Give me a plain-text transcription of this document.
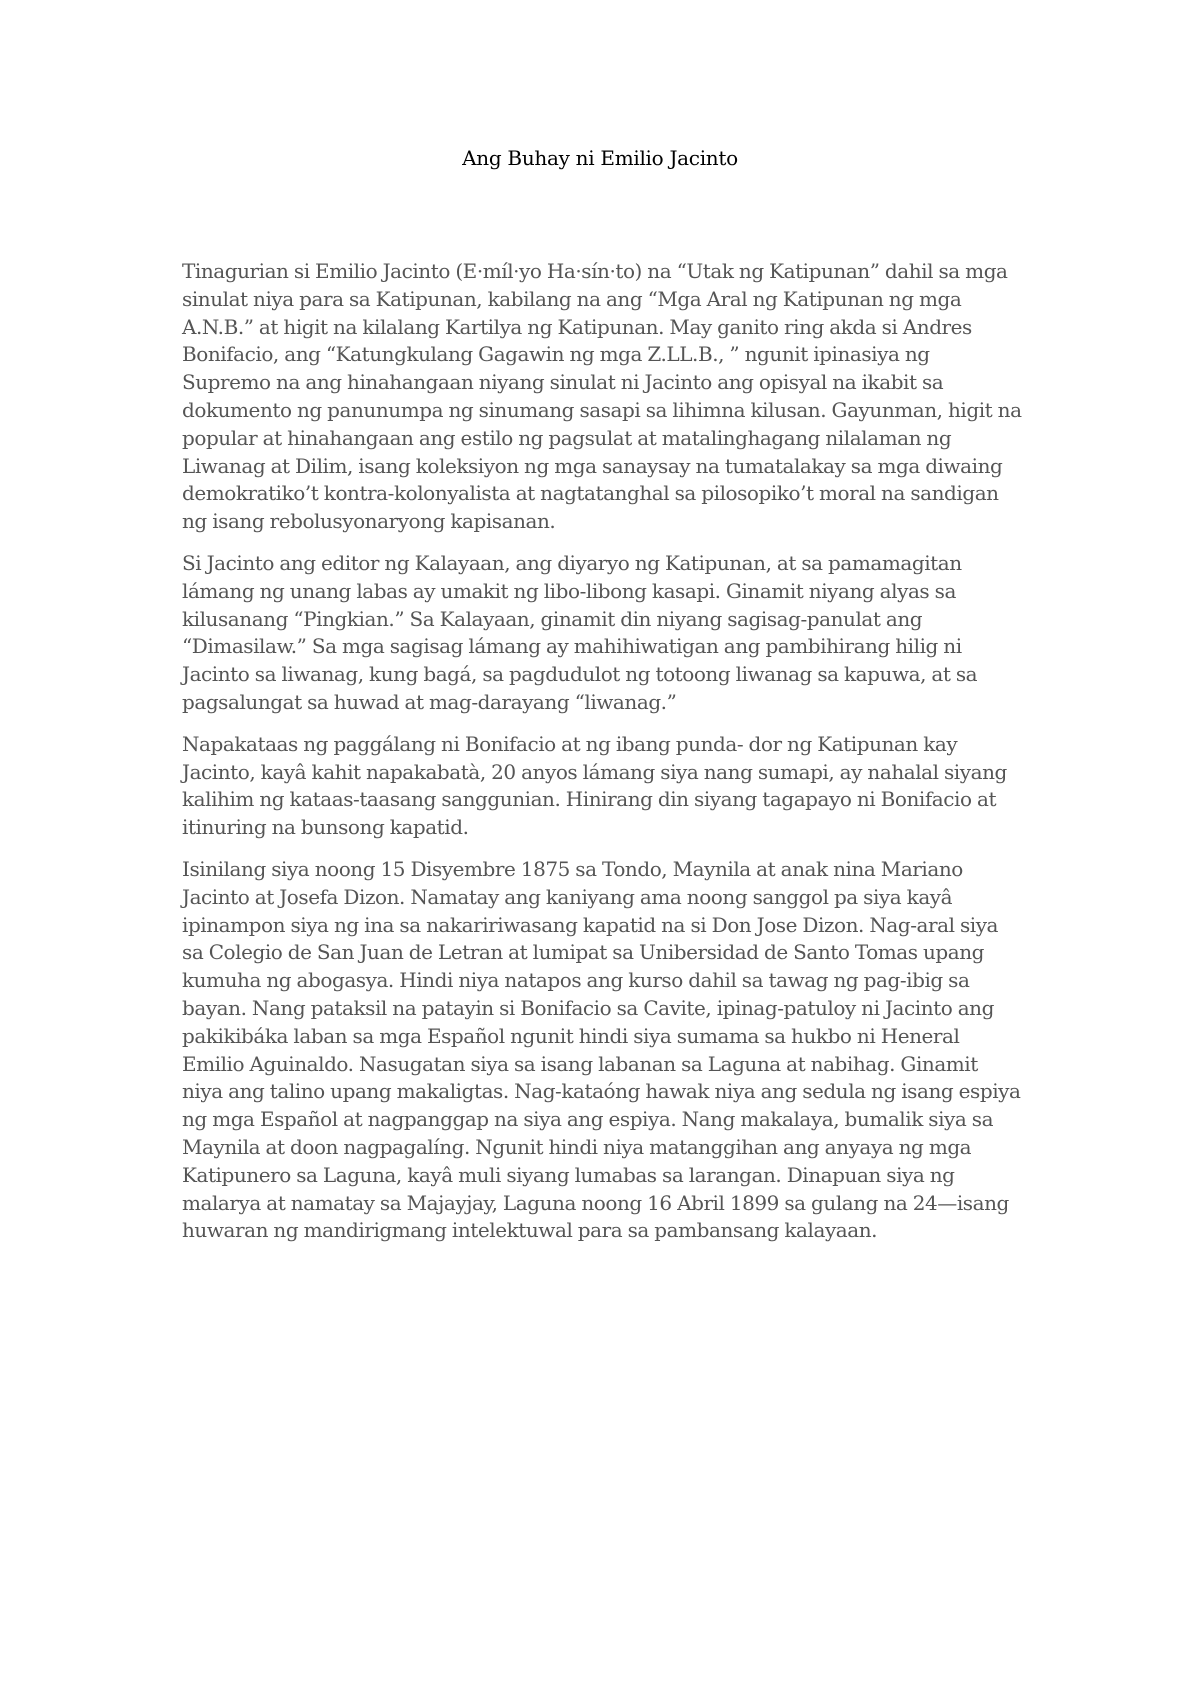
Ang Buhay ni Emilio Jacinto

Tinagurian si Emilio Jacinto (E·míl·yo Ha·sín·to) na “Utak ng Katipunan” dahil sa mga sinulat niya para sa Katipunan, kabilang na ang “Mga Aral ng Katipunan ng mga A.N.B.” at higit na kilalang Kartilya ng Katipunan. May ganito ring akda si Andres Bonifacio, ang “Katungkulang Gagawin ng mga Z.LL.B., ” ngunit ipinasiya ng Supremo na ang hinahangaan niyang sinulat ni Jacinto ang opisyal na ikabit sa dokumento ng panunumpa ng sinumang sasapi sa lihimna kilusan. Gayunman, higit na popular at hinahangaan ang estilo ng pagsulat at matalinghagang nilalaman ng Liwanag at Dilim, isang koleksiyon ng mga sanaysay na tumatalakay sa mga diwaing demokratiko’t kontra-kolonyalista at nagtatanghal sa pilosopiko’t moral na sandigan ng isang rebolusyonaryong kapisanan.

Si Jacinto ang editor ng Kalayaan, ang diyaryo ng Katipunan, at sa pamamagitan lámang ng unang labas ay umakit ng libo-libong kasapi. Ginamit niyang alyas sa kilusanang “Pingkian.” Sa Kalayaan, ginamit din niyang sagisag-panulat ang “Dimasilaw.” Sa mga sagisag lámang ay mahihiwatigan ang pambihirang hilig ni Jacinto sa liwanag, kung bagá, sa pagdudulot ng totoong liwanag sa kapuwa, at sa pagsalungat sa huwad at mag-darayang “liwanag.”

Napakataas ng paggálang ni Bonifacio at ng ibang punda- dor ng Katipunan kay Jacinto, kayâ kahit napakabatà, 20 anyos lámang siya nang sumapi, ay nahalal siyang kalihim ng kataas-taasang sanggunian. Hinirang din siyang tagapayo ni Bonifacio at itinuring na bunsong kapatid.

Isinilang siya noong 15 Disyembre 1875 sa Tondo, Maynila at anak nina Mariano Jacinto at Josefa Dizon. Namatay ang kaniyang ama noong sanggol pa siya kayâ ipinampon siya ng ina sa nakaririwasang kapatid na si Don Jose Dizon. Nag-aral siya sa Colegio de San Juan de Letran at lumipat sa Unibersidad de Santo Tomas upang kumuha ng abogasya. Hindi niya natapos ang kurso dahil sa tawag ng pag-ibig sa bayan. Nang pataksil na patayin si Bonifacio sa Cavite, ipinag-patuloy ni Jacinto ang pakikibáka laban sa mga Español ngunit hindi siya sumama sa hukbo ni Heneral Emilio Aguinaldo. Nasugatan siya sa isang labanan sa Laguna at nabihag. Ginamit niya ang talino upang makaligtas. Nag-kataóng hawak niya ang sedula ng isang espiya ng mga Español at nagpanggap na siya ang espiya. Nang makalaya, bumalik siya sa Maynila at doon nagpagalíng. Ngunit hindi niya matanggihan ang anyaya ng mga Katipunero sa Laguna, kayâ muli siyang lumabas sa larangan. Dinapuan siya ng malarya at namatay sa Majayjay, Laguna noong 16 Abril 1899 sa gulang na 24—isang huwaran ng mandirigmang intelektuwal para sa pambansang kalayaan.
